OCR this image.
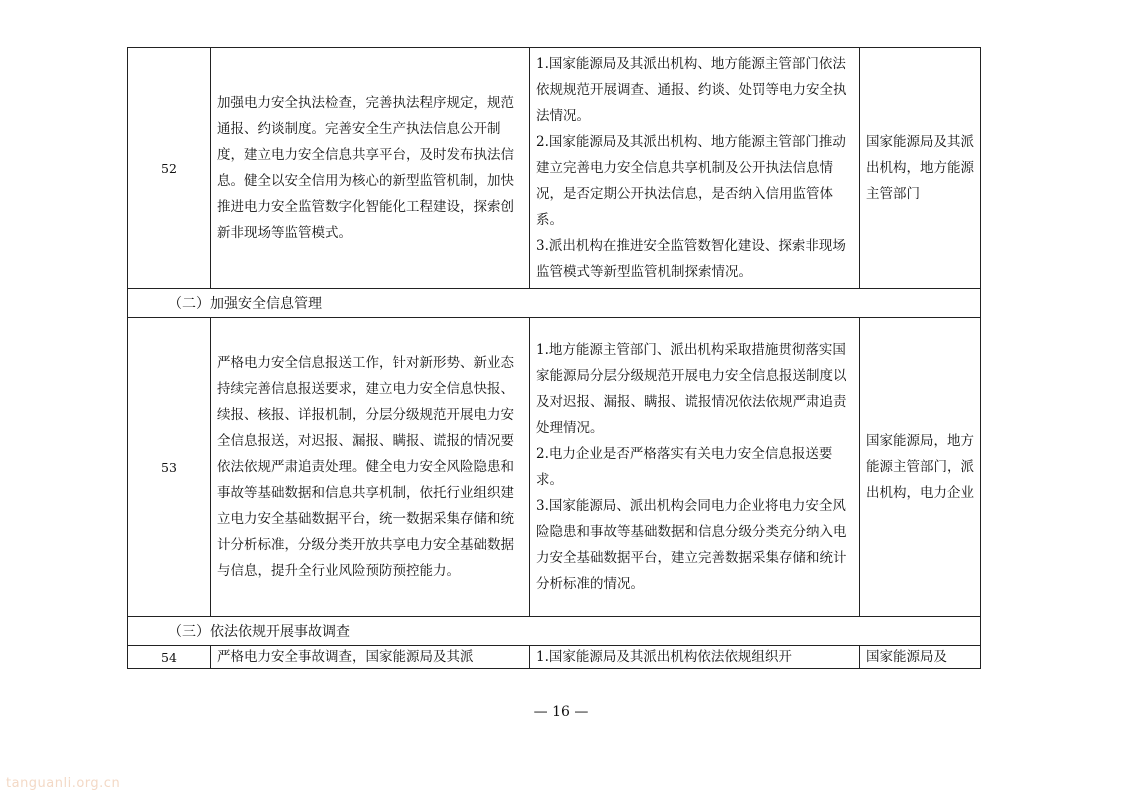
52	加强电力安全执法检查，完善执法程序规定，规范通报、约谈制度。完善安全生产执法信息公开制度，建立电力安全信息共享平台，及时发布执法信息。健全以安全信用为核心的新型监管机制，加快推进电力安全监管数字化智能化工程建设，探索创新非现场等监管模式。	1.国家能源局及其派出机构、地方能源主管部门依法依规规范开展调查、通报、约谈、处罚等电力安全执法情况。
2.国家能源局及其派出机构、地方能源主管部门推动建立完善电力安全信息共享机制及公开执法信息情况，是否定期公开执法信息，是否纳入信用监管体系。
3.派出机构在推进安全监管数智化建设、探索非现场监管模式等新型监管机制探索情况。	国家能源局及其派出机构，地方能源主管部门

（二）加强安全信息管理			
53	严格电力安全信息报送工作，针对新形势、新业态持续完善信息报送要求，建立电力安全信息快报、续报、核报、详报机制，分层分级规范开展电力安全信息报送，对迟报、漏报、瞒报、谎报的情况要依法依规严肃追责处理。健全电力安全风险隐患和事故等基础数据和信息共享机制，依托行业组织建立电力安全基础数据平台，统一数据采集存储和统计分析标准，分级分类开放共享电力安全基础数据与信息，提升全行业风险预防预控能力。	1.地方能源主管部门、派出机构采取措施贯彻落实国家能源局分层分级规范开展电力安全信息报送制度以及对迟报、漏报、瞒报、谎报情况依法依规严肃追责处理情况。
2.电力企业是否严格落实有关电力安全信息报送要求。
3.国家能源局、派出机构会同电力企业将电力安全风险隐患和事故等基础数据和信息分级分类充分纳入电力安全基础数据平台，建立完善数据采集存储和统计分析标准的情况。	国家能源局，地方能源主管部门，派出机构，电力企业

（三）依法依规开展事故调查			
54	严格电力安全事故调查，国家能源局及其派	1.国家能源局及其派出机构依法依规组织开	国家能源局及
— 16 —
tanguanli.org.cn
